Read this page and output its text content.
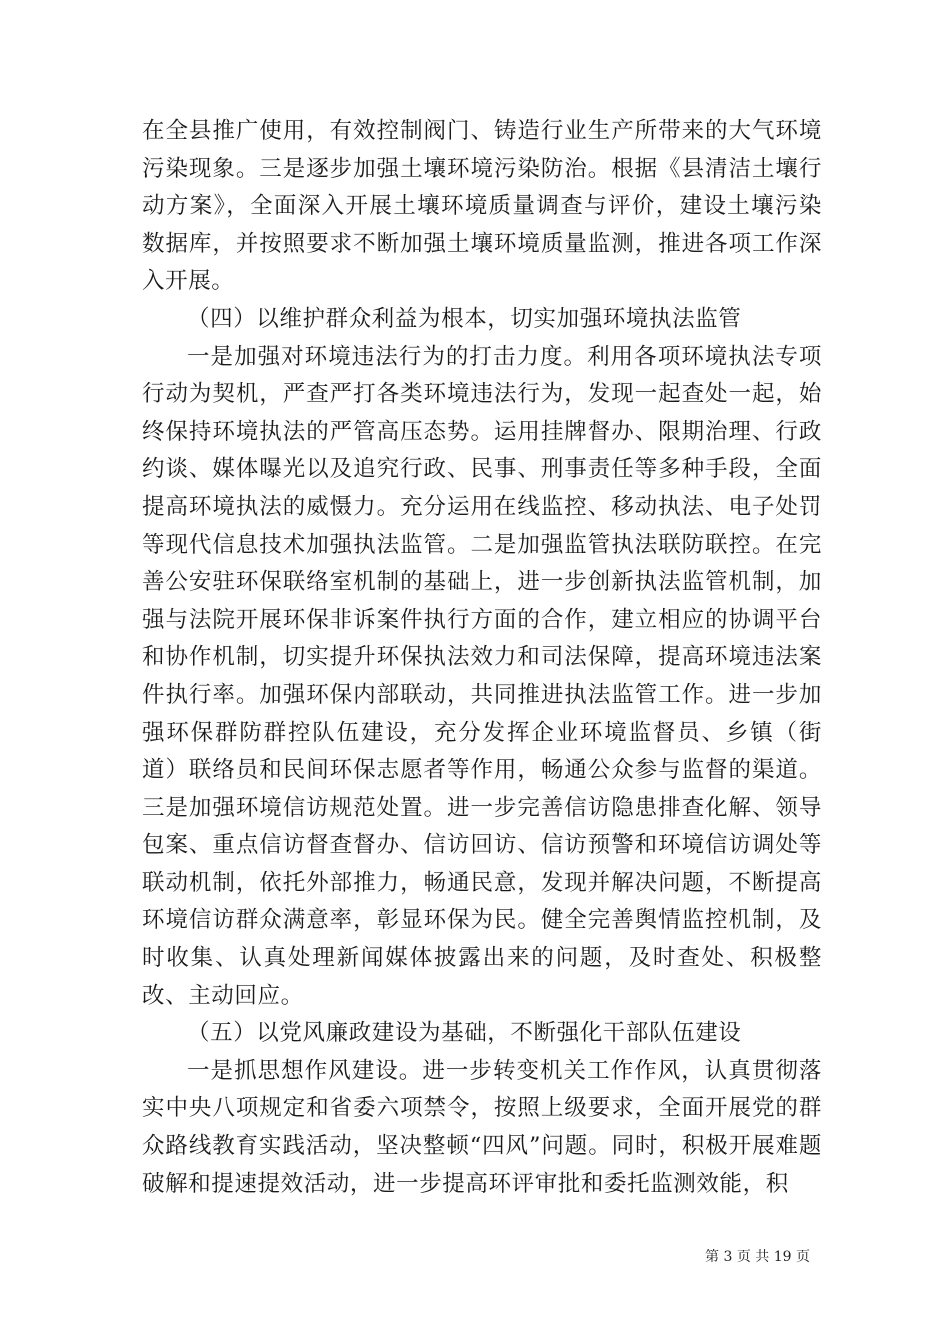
在全县推广使用，有效控制阀门、铸造行业生产所带来的大气环境污染现象。三是逐步加强土壤环境污染防治。根据《县清洁土壤行动方案》，全面深入开展土壤环境质量调查与评价，建设土壤污染数据库，并按照要求不断加强土壤环境质量监测，推进各项工作深入开展。

（四）以维护群众利益为根本，切实加强环境执法监管

一是加强对环境违法行为的打击力度。利用各项环境执法专项行动为契机，严查严打各类环境违法行为，发现一起查处一起，始终保持环境执法的严管高压态势。运用挂牌督办、限期治理、行政约谈、媒体曝光以及追究行政、民事、刑事责任等多种手段，全面提高环境执法的威慑力。充分运用在线监控、移动执法、电子处罚等现代信息技术加强执法监管。二是加强监管执法联防联控。在完善公安驻环保联络室机制的基础上，进一步创新执法监管机制，加强与法院开展环保非诉案件执行方面的合作，建立相应的协调平台和协作机制，切实提升环保执法效力和司法保障，提高环境违法案件执行率。加强环保内部联动，共同推进执法监管工作。进一步加强环保群防群控队伍建设，充分发挥企业环境监督员、乡镇（街道）联络员和民间环保志愿者等作用，畅通公众参与监督的渠道。三是加强环境信访规范处置。进一步完善信访隐患排查化解、领导包案、重点信访督查督办、信访回访、信访预警和环境信访调处等联动机制，依托外部推力，畅通民意，发现并解决问题，不断提高环境信访群众满意率，彰显环保为民。健全完善舆情监控机制，及时收集、认真处理新闻媒体披露出来的问题，及时查处、积极整改、主动回应。

（五）以党风廉政建设为基础，不断强化干部队伍建设

一是抓思想作风建设。进一步转变机关工作作风，认真贯彻落实中央八项规定和省委六项禁令，按照上级要求，全面开展党的群众路线教育实践活动，坚决整顿“四风”问题。同时，积极开展难题破解和提速提效活动，进一步提高环评审批和委托监测效能，积

第 3 页 共 19 页
